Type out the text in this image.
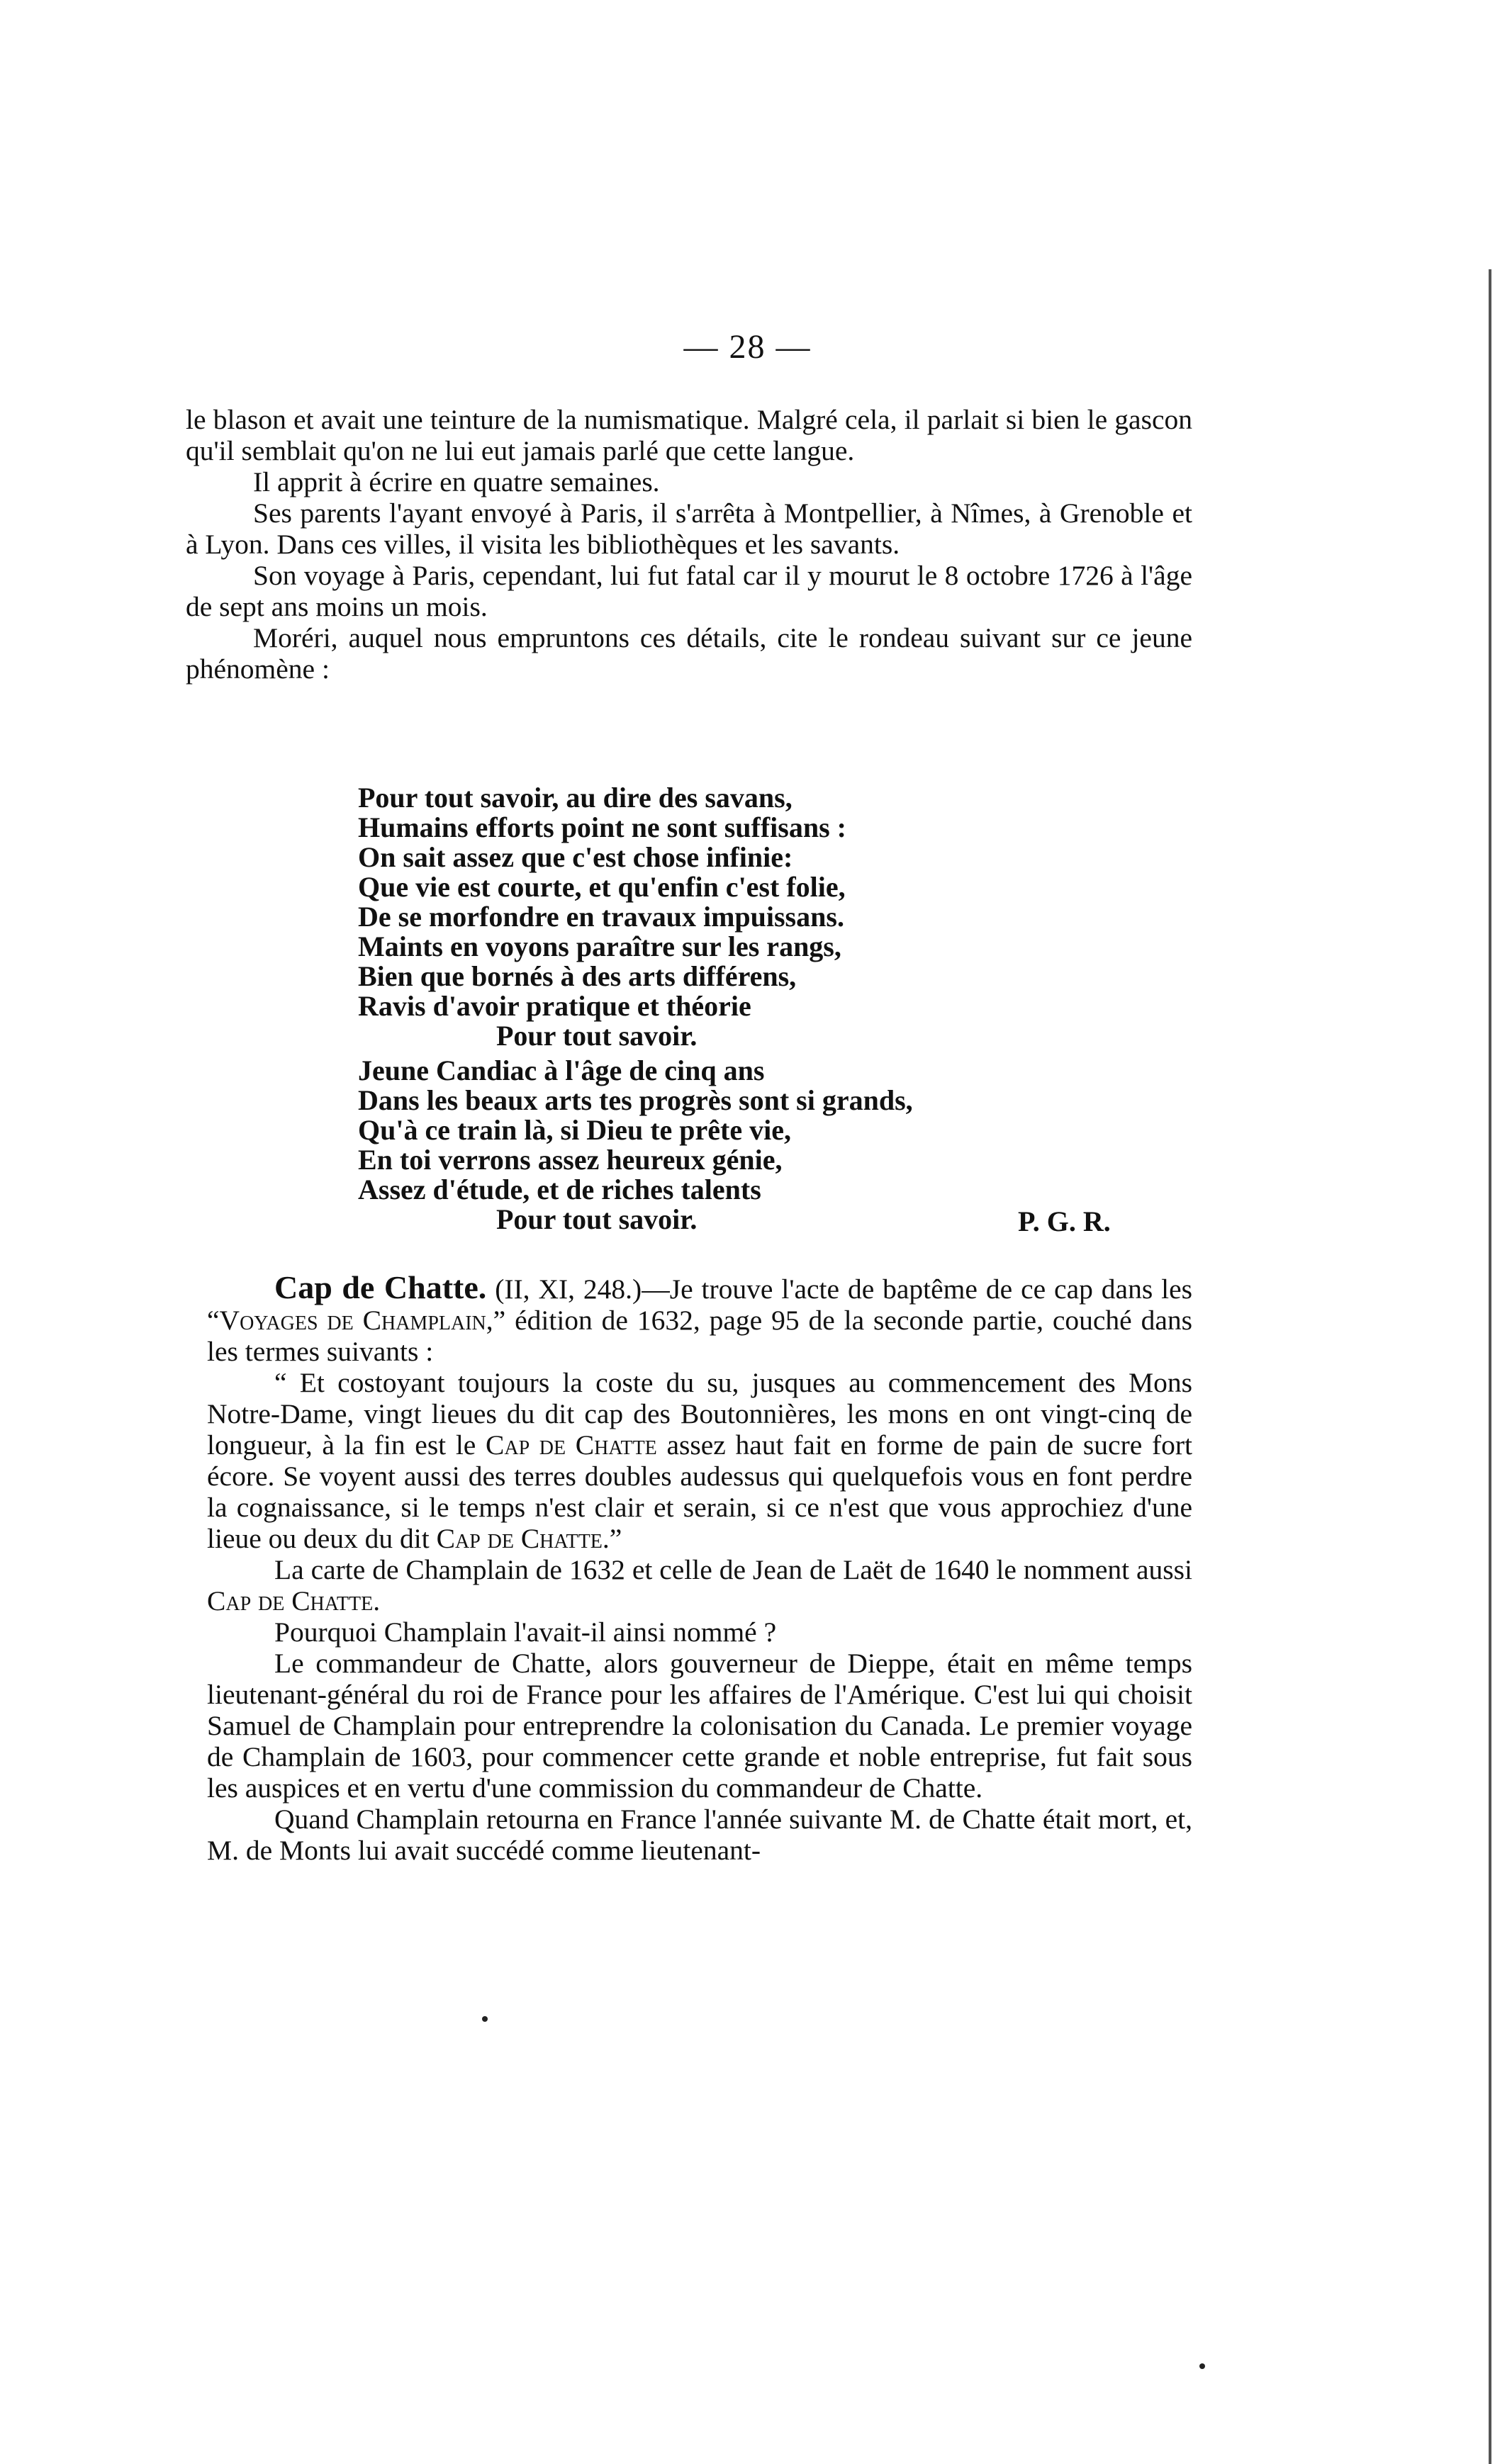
— 28 —

le blason et avait une teinture de la numismatique. Malgré cela, il parlait si bien le gascon qu'il semblait qu'on ne lui eut jamais parlé que cette langue.

Il apprit à écrire en quatre semaines.

Ses parents l'ayant envoyé à Paris, il s'arrêta à Montpellier, à Nîmes, à Grenoble et à Lyon. Dans ces villes, il visita les bibliothèques et les savants.

Son voyage à Paris, cependant, lui fut fatal car il y mourut le 8 octobre 1726 à l'âge de sept ans moins un mois.

Moréri, auquel nous empruntons ces détails, cite le rondeau suivant sur ce jeune phénomène :

Pour tout savoir, au dire des savans,
Humains efforts point ne sont suffisans :
On sait assez que c'est chose infinie:
Que vie est courte, et qu'enfin c'est folie,
De se morfondre en travaux impuissans.
Maints en voyons paraître sur les rangs,
Bien que bornés à des arts différens,
Ravis d'avoir pratique et théorie
Pour tout savoir.
Jeune Candiac à l'âge de cinq ans
Dans les beaux arts tes progrès sont si grands,
Qu'à ce train là, si Dieu te prête vie,
En toi verrons assez heureux génie,
Assez d'étude, et de riches talents
Pour tout savoir.	P. G. R.

Cap de Chatte. (II, XI, 248.)—Je trouve l'acte de baptême de ce cap dans les “Voyages de Champlain,” édition de 1632, page 95 de la seconde partie, couché dans les termes suivants :

“ Et costoyant toujours la coste du su, jusques au commencement des Mons Notre-Dame, vingt lieues du dit cap des Boutonnières, les mons en ont vingt-cinq de longueur, à la fin est le Cap de Chatte assez haut fait en forme de pain de sucre fort écore. Se voyent aussi des terres doubles audessus qui quelquefois vous en font perdre la cognaissance, si le temps n'est clair et serain, si ce n'est que vous approchiez d'une lieue ou deux du dit Cap de Chatte.”

La carte de Champlain de 1632 et celle de Jean de Laët de 1640 le nomment aussi Cap de Chatte.

Pourquoi Champlain l'avait-il ainsi nommé ?

Le commandeur de Chatte, alors gouverneur de Dieppe, était en même temps lieutenant-général du roi de France pour les affaires de l'Amérique. C'est lui qui choisit Samuel de Champlain pour entreprendre la colonisation du Canada. Le premier voyage de Champlain de 1603, pour commencer cette grande et noble entreprise, fut fait sous les auspices et en vertu d'une commission du commandeur de Chatte.

Quand Champlain retourna en France l'année suivante M. de Chatte était mort, et, M. de Monts lui avait succédé comme lieutenant-
